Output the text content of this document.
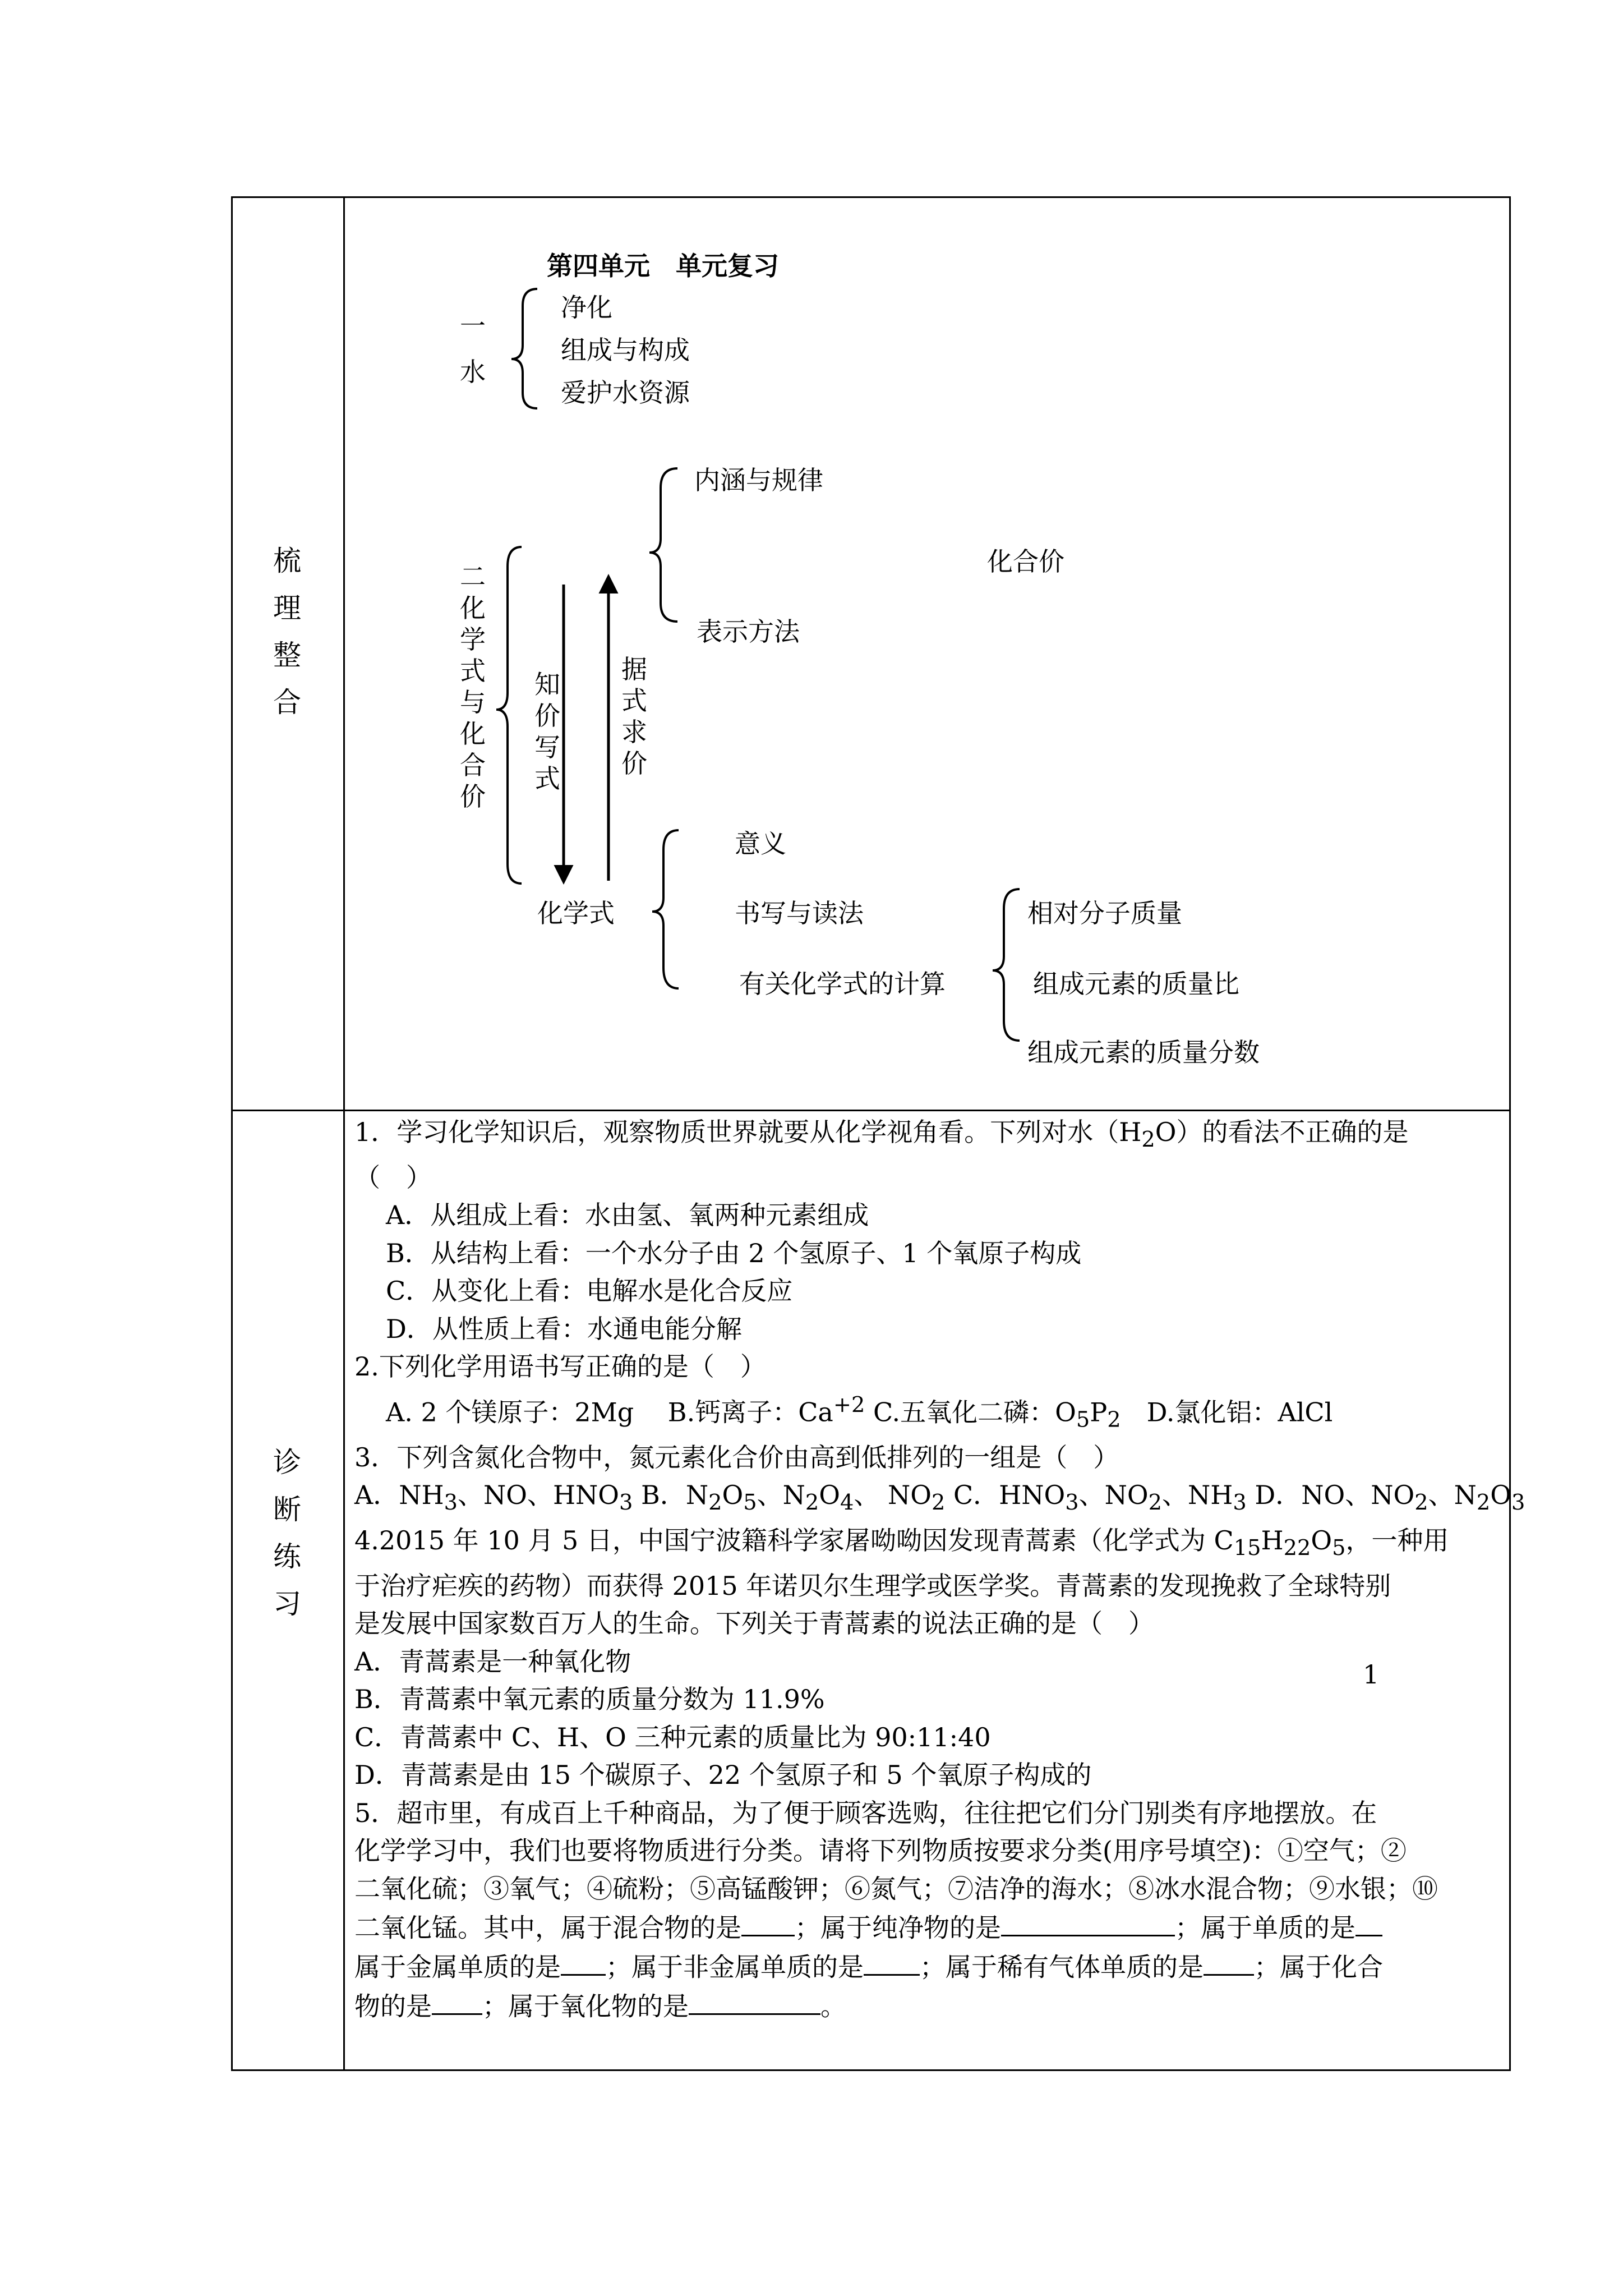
梳
理
整
合
诊
断
练
习
第四单元　单元复习
一水
净化
组成与构成
爱护水资源
二化学式与化合价
内涵与规律
表示方法
化合价
知价写式
据式求价
化学式
意义
书写与读法
有关化学式的计算
相对分子质量
组成元素的质量比
组成元素的质量分数

1．学习化学知识后，观察物质世界就要从化学视角看。下列对水$(H_2O)$的看法不正确的是

（　）

A．从组成上看：水由氢、氧两种元素组成

B．从结构上看：一个水分子由 2 个氢原子、1 个氧原子构成

C．从变化上看：电解水是化合反应

D．从性质上看：水通电能分解

2.下列化学用语书写正确的是（　）

A. 2 个镁原子：2Mg　 B.钙离子：$Ca^{+2}$ C.五氧化二磷：$O_5P_2$　D.氯化铝：AlCl

3．下列含氮化合物中，氮元素化合价由高到低排列的一组是（　）

A．$NH_3$、NO、$HNO_3$ B．$N_2O_5$、$N_2O_4$、 $NO_2$ C．$HNO_3$、$NO_2$、$NH_3$ D．NO、$NO_2$、$N_2O_3$

4.2015 年 10 月 5 日，中国宁波籍科学家屠呦呦因发现青蒿素（化学式为 $C_{15}H_{22}O_5$，一种用

于治疗疟疾的药物）而获得 2015 年诺贝尔生理学或医学奖。青蒿素的发现挽救了全球特别

是发展中国家数百万人的生命。下列关于青蒿素的说法正确的是（　）

A．青蒿素是一种氧化物

B．青蒿素中氧元素的质量分数为 11.9%

C．青蒿素中 C、H、O 三种元素的质量比为 90:11:40

D．青蒿素是由 15 个碳原子、22 个氢原子和 5 个氧原子构成的

5．超市里，有成百上千种商品，为了便于顾客选购，往往把它们分门别类有序地摆放。在

化学学习中，我们也要将物质进行分类。请将下列物质按要求分类(用序号填空)：①空气；②

二氧化硫；③氧气；④硫粉；⑤高锰酸钾；⑥氮气；⑦洁净的海水；⑧冰水混合物；⑨水银；⑩

二氧化锰。其中，属于混合物的是 ；属于纯净物的是	；属于单质的是

属于金属单质的是 ；属于非金属单质的是 ；属于稀有气体单质的是 ；属于化合

物的是 ；属于氧化物的是	。

1
